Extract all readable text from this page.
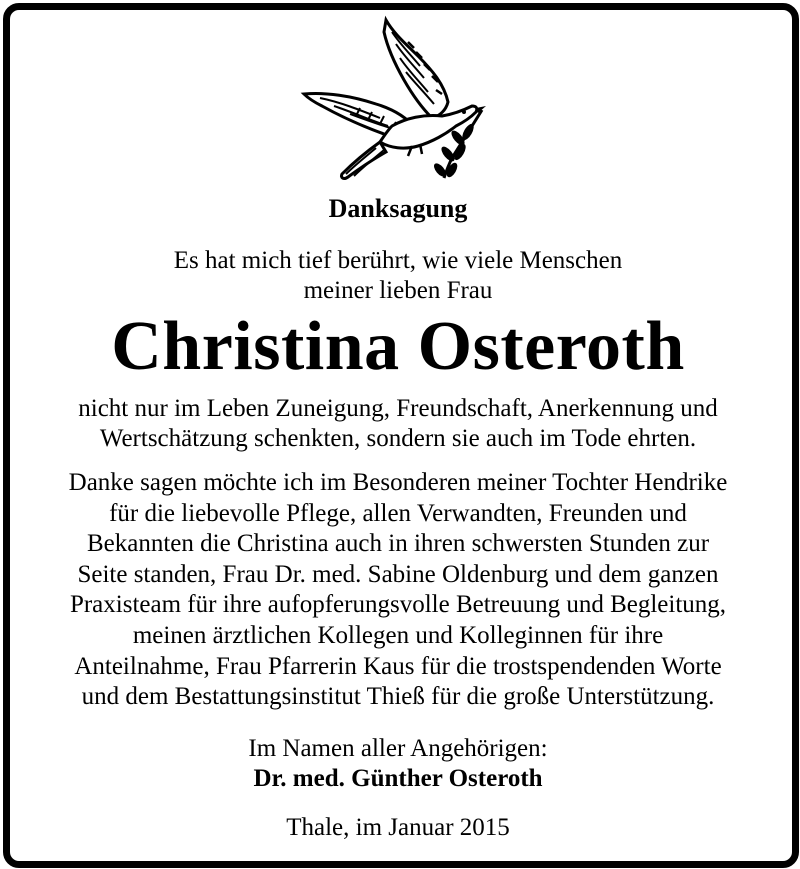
Danksagung
Es hat mich tief berührt, wie viele Menschen
meiner lieben Frau
Christina Osteroth
nicht nur im Leben Zuneigung, Freundschaft, Anerkennung und
Wertschätzung schenkten, sondern sie auch im Tode ehrten.
Danke sagen möchte ich im Besonderen meiner Tochter Hendrike
für die liebevolle Pflege, allen Verwandten, Freunden und
Bekannten die Christina auch in ihren schwersten Stunden zur
Seite standen, Frau Dr. med. Sabine Oldenburg und dem ganzen
Praxisteam für ihre aufopferungsvolle Betreuung und Begleitung,
meinen ärztlichen Kollegen und Kolleginnen für ihre
Anteilnahme, Frau Pfarrerin Kaus für die trostspendenden Worte
und dem Bestattungsinstitut Thieß für die große Unterstützung.
Im Namen aller Angehörigen:
Dr. med. Günther Osteroth
Thale, im Januar 2015
